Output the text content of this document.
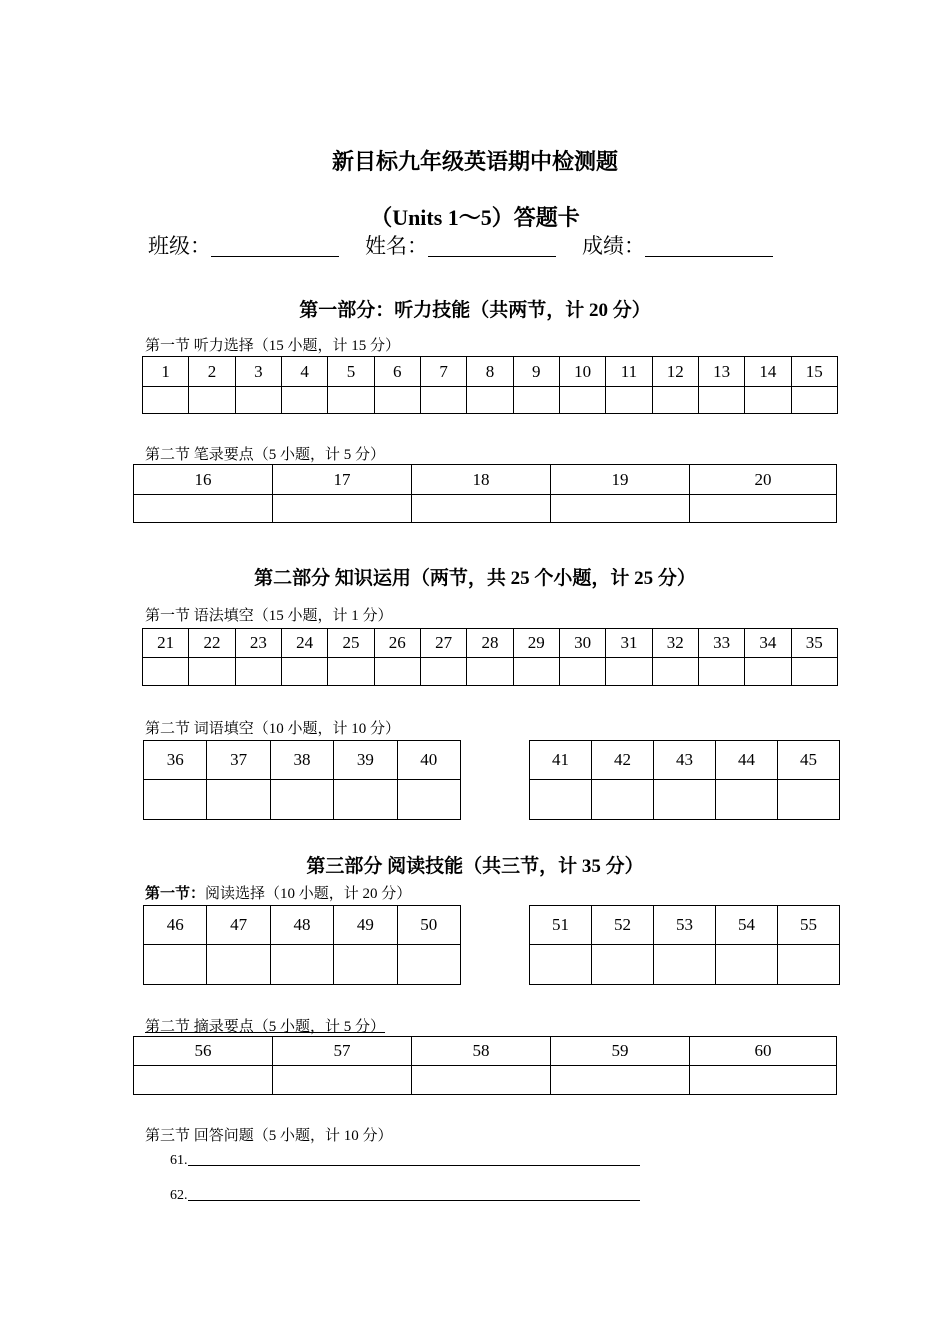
新目标九年级英语期中检测题
（Units 1～5）答题卡
班级：	姓名：	成绩：
第一部分：听力技能（共两节，计 20 分）
第一节 听力选择（15 小题，计 15 分）
1	2	3	4	5	6	7	8	9	10	11	12	13	14	15

第二节 笔录要点（5 小题，计 5 分）
16	17	18	19	20

第二部分 知识运用（两节，共 25 个小题，计 25 分）
第一节 语法填空（15 小题，计 1 分）
21	22	23	24	25	26	27	28	29	30	31	32	33	34	35

第二节 词语填空（10 小题，计 10 分）
36	37	38	39	40
					41	42	43	44	45

第三部分 阅读技能（共三节，计 35 分）
第一节：阅读选择（10 小题，计 20 分）
46	47	48	49	50
					51	52	53	54	55

第二节 摘录要点（5 小题，计 5 分）
56	57	58	59	60

第三节 回答问题（5 小题，计 10 分）
61.
62.
